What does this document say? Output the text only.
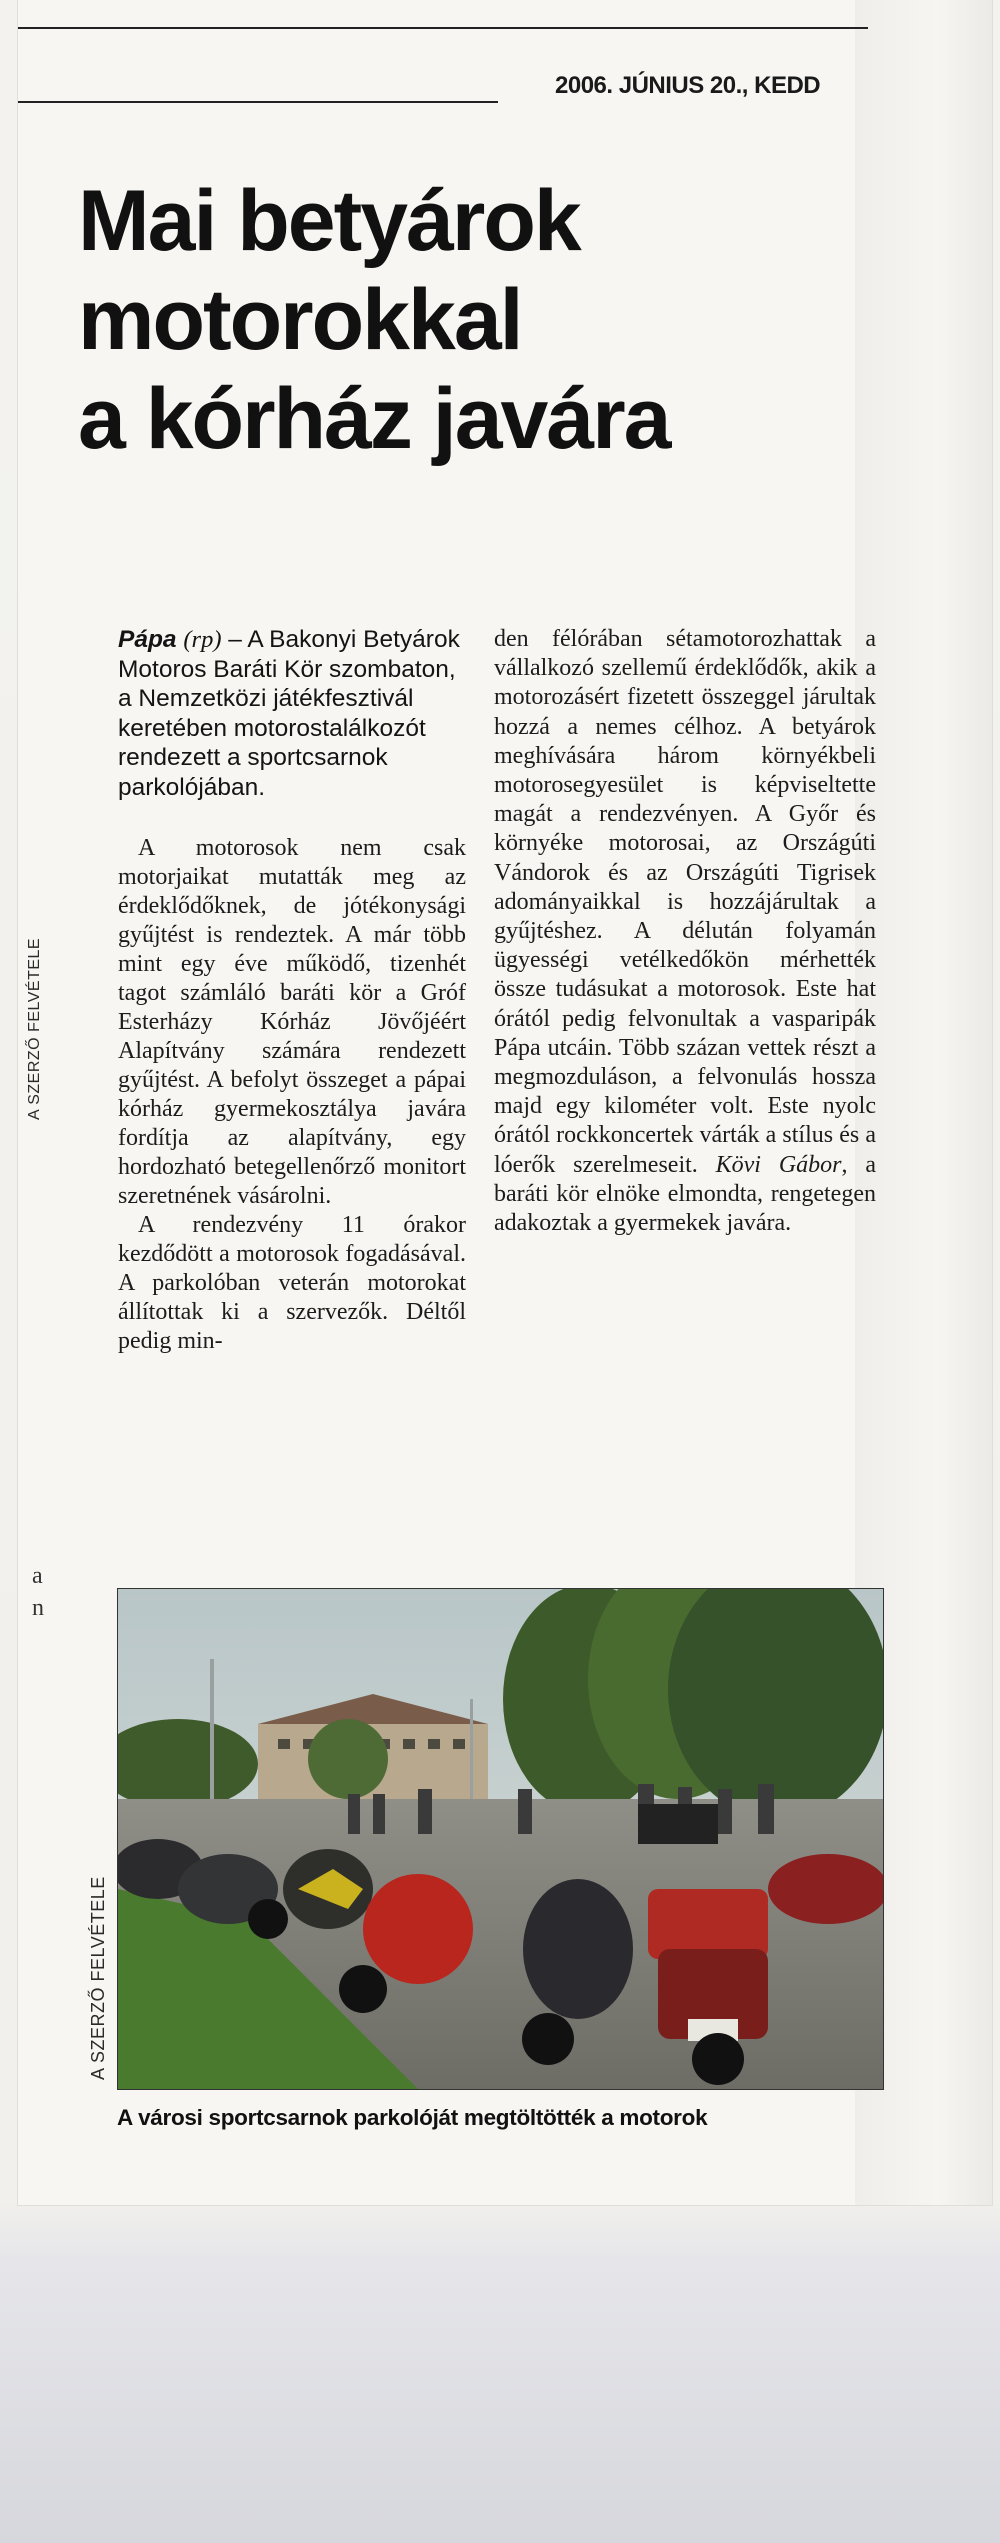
2006. JÚNIUS 20., KEDD
Mai betyárok
motorokkal
a kórház javára

Pápa (rp) – A Bakonyi Betyárok Motoros Baráti Kör szombaton, a Nemzetközi játékfesztivál keretében motorostalálkozót rendezett a sportcsarnok parkolójában.

A motorosok nem csak motorjaikat mutatták meg az érdeklődőknek, de jótékonysági gyűjtést is rendeztek. A már több mint egy éve működő, tizenhét tagot számláló baráti kör a Gróf Esterházy Kórház Jövőjéért Alapítvány számára rendezett gyűjtést. A befolyt összeget a pápai kórház gyermekosztálya javára fordítja az alapítvány, egy hordozható betegellenőrző monitort szeretnének vásárolni.

A rendezvény 11 órakor kezdődött a motorosok fogadásával. A parkolóban veterán motorokat állítottak ki a szervezők. Déltől pedig min-

den félórában sétamotorozhattak a vállalkozó szellemű érdeklődők, akik a motorozásért fizetett összeggel járultak hozzá a nemes célhoz. A betyárok meghívására három környékbeli motorosegyesület is képviseltette magát a rendezvényen. A Győr és környéke motorosai, az Országúti Vándorok és az Országúti Tigrisek adományaikkal is hozzájárultak a gyűjtéshez. A délután folyamán ügyességi vetélkedőkön mérhették össze tudásukat a motorosok. Este hat órától pedig felvonultak a vasparipák Pápa utcáin. Több százan vettek részt a megmozduláson, a felvonulás hossza majd egy kilométer volt. Este nyolc órától rockkoncertek várták a stílus és a lóerők szerelmeseit. Kövi Gábor, a baráti kör elnöke elmondta, rengetegen adakoztak a gyermekek javára.

A SZERZŐ FELVÉTELE
A SZERZŐ FELVÉTELE
a
n

A városi sportcsarnok parkolóját megtöltötték a motorok
